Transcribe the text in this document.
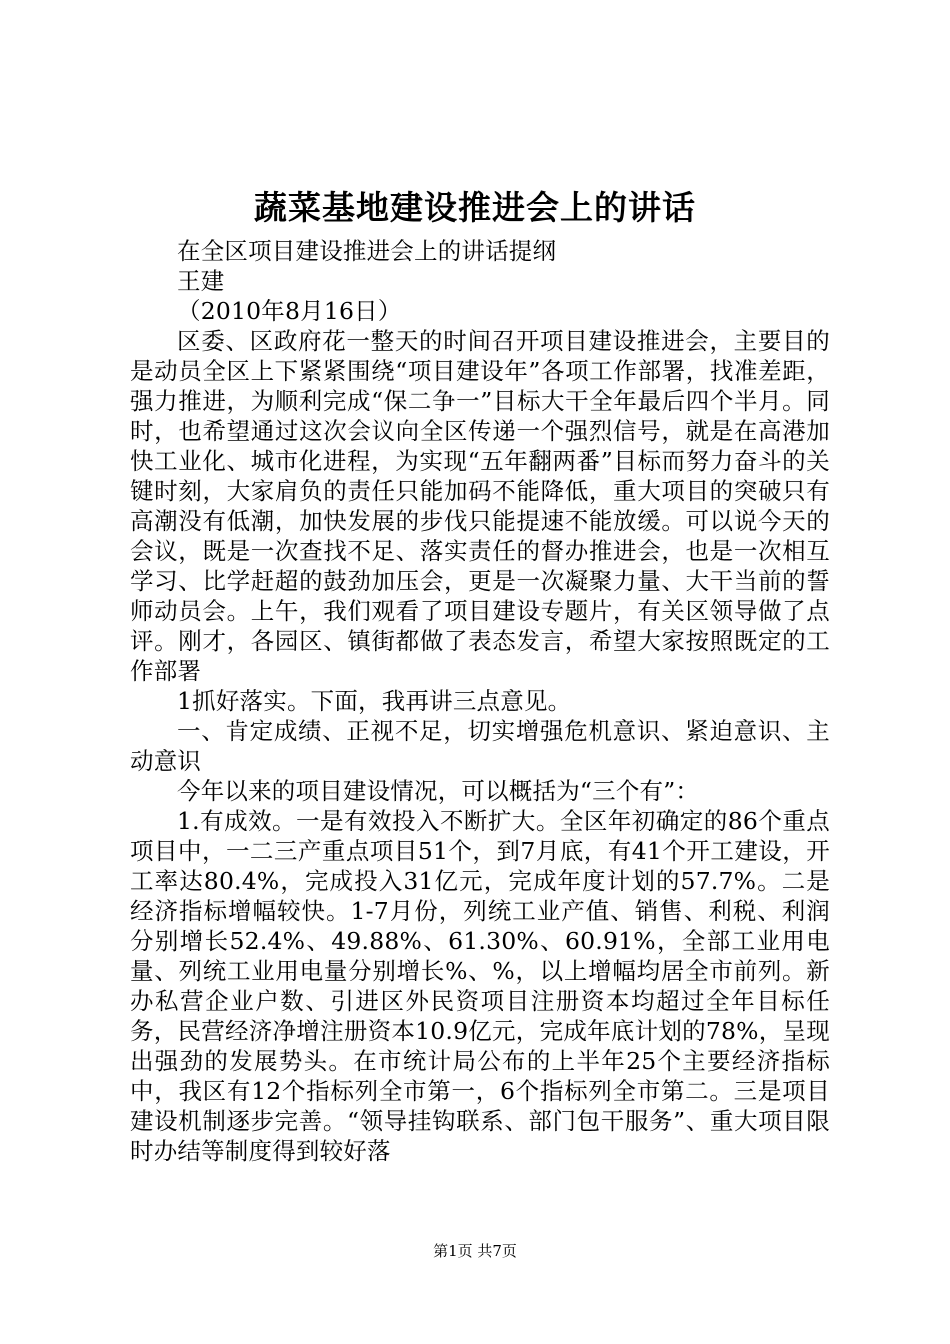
蔬菜基地建设推进会上的讲话

在全区项目建设推进会上的讲话提纲

王建

（2010年8月16日）

区委、区政府花一整天的时间召开项目建设推进会，主要目的是动员全区上下紧紧围绕“项目建设年”各项工作部署，找准差距，强力推进，为顺利完成“保二争一”目标大干全年最后四个半月。同时，也希望通过这次会议向全区传递一个强烈信号，就是在高港加快工业化、城市化进程，为实现“五年翻两番”目标而努力奋斗的关键时刻，大家肩负的责任只能加码不能降低，重大项目的突破只有高潮没有低潮，加快发展的步伐只能提速不能放缓。可以说今天的会议，既是一次查找不足、落实责任的督办推进会，也是一次相互学习、比学赶超的鼓劲加压会，更是一次凝聚力量、大干当前的誓师动员会。上午，我们观看了项目建设专题片，有关区领导做了点评。刚才，各园区、镇街都做了表态发言，希望大家按照既定的工作部署

1抓好落实。下面，我再讲三点意见。

一、肯定成绩、正视不足，切实增强危机意识、紧迫意识、主动意识

今年以来的项目建设情况，可以概括为“三个有”：

1.有成效。一是有效投入不断扩大。全区年初确定的86个重点项目中，一二三产重点项目51个，到7月底，有41个开工建设，开工率达80.4%，完成投入31亿元，完成年度计划的57.7%。二是经济指标增幅较快。1-7月份，列统工业产值、销售、利税、利润分别增长52.4%、49.88%、61.30%、60.91%，全部工业用电量、列统工业用电量分别增长%、%，以上增幅均居全市前列。新办私营企业户数、引进区外民资项目注册资本均超过全年目标任务，民营经济净增注册资本10.9亿元，完成年底计划的78%，呈现出强劲的发展势头。在市统计局公布的上半年25个主要经济指标中，我区有12个指标列全市第一，6个指标列全市第二。三是项目建设机制逐步完善。“领导挂钩联系、部门包干服务”、重大项目限时办结等制度得到较好落

第1页 共7页
